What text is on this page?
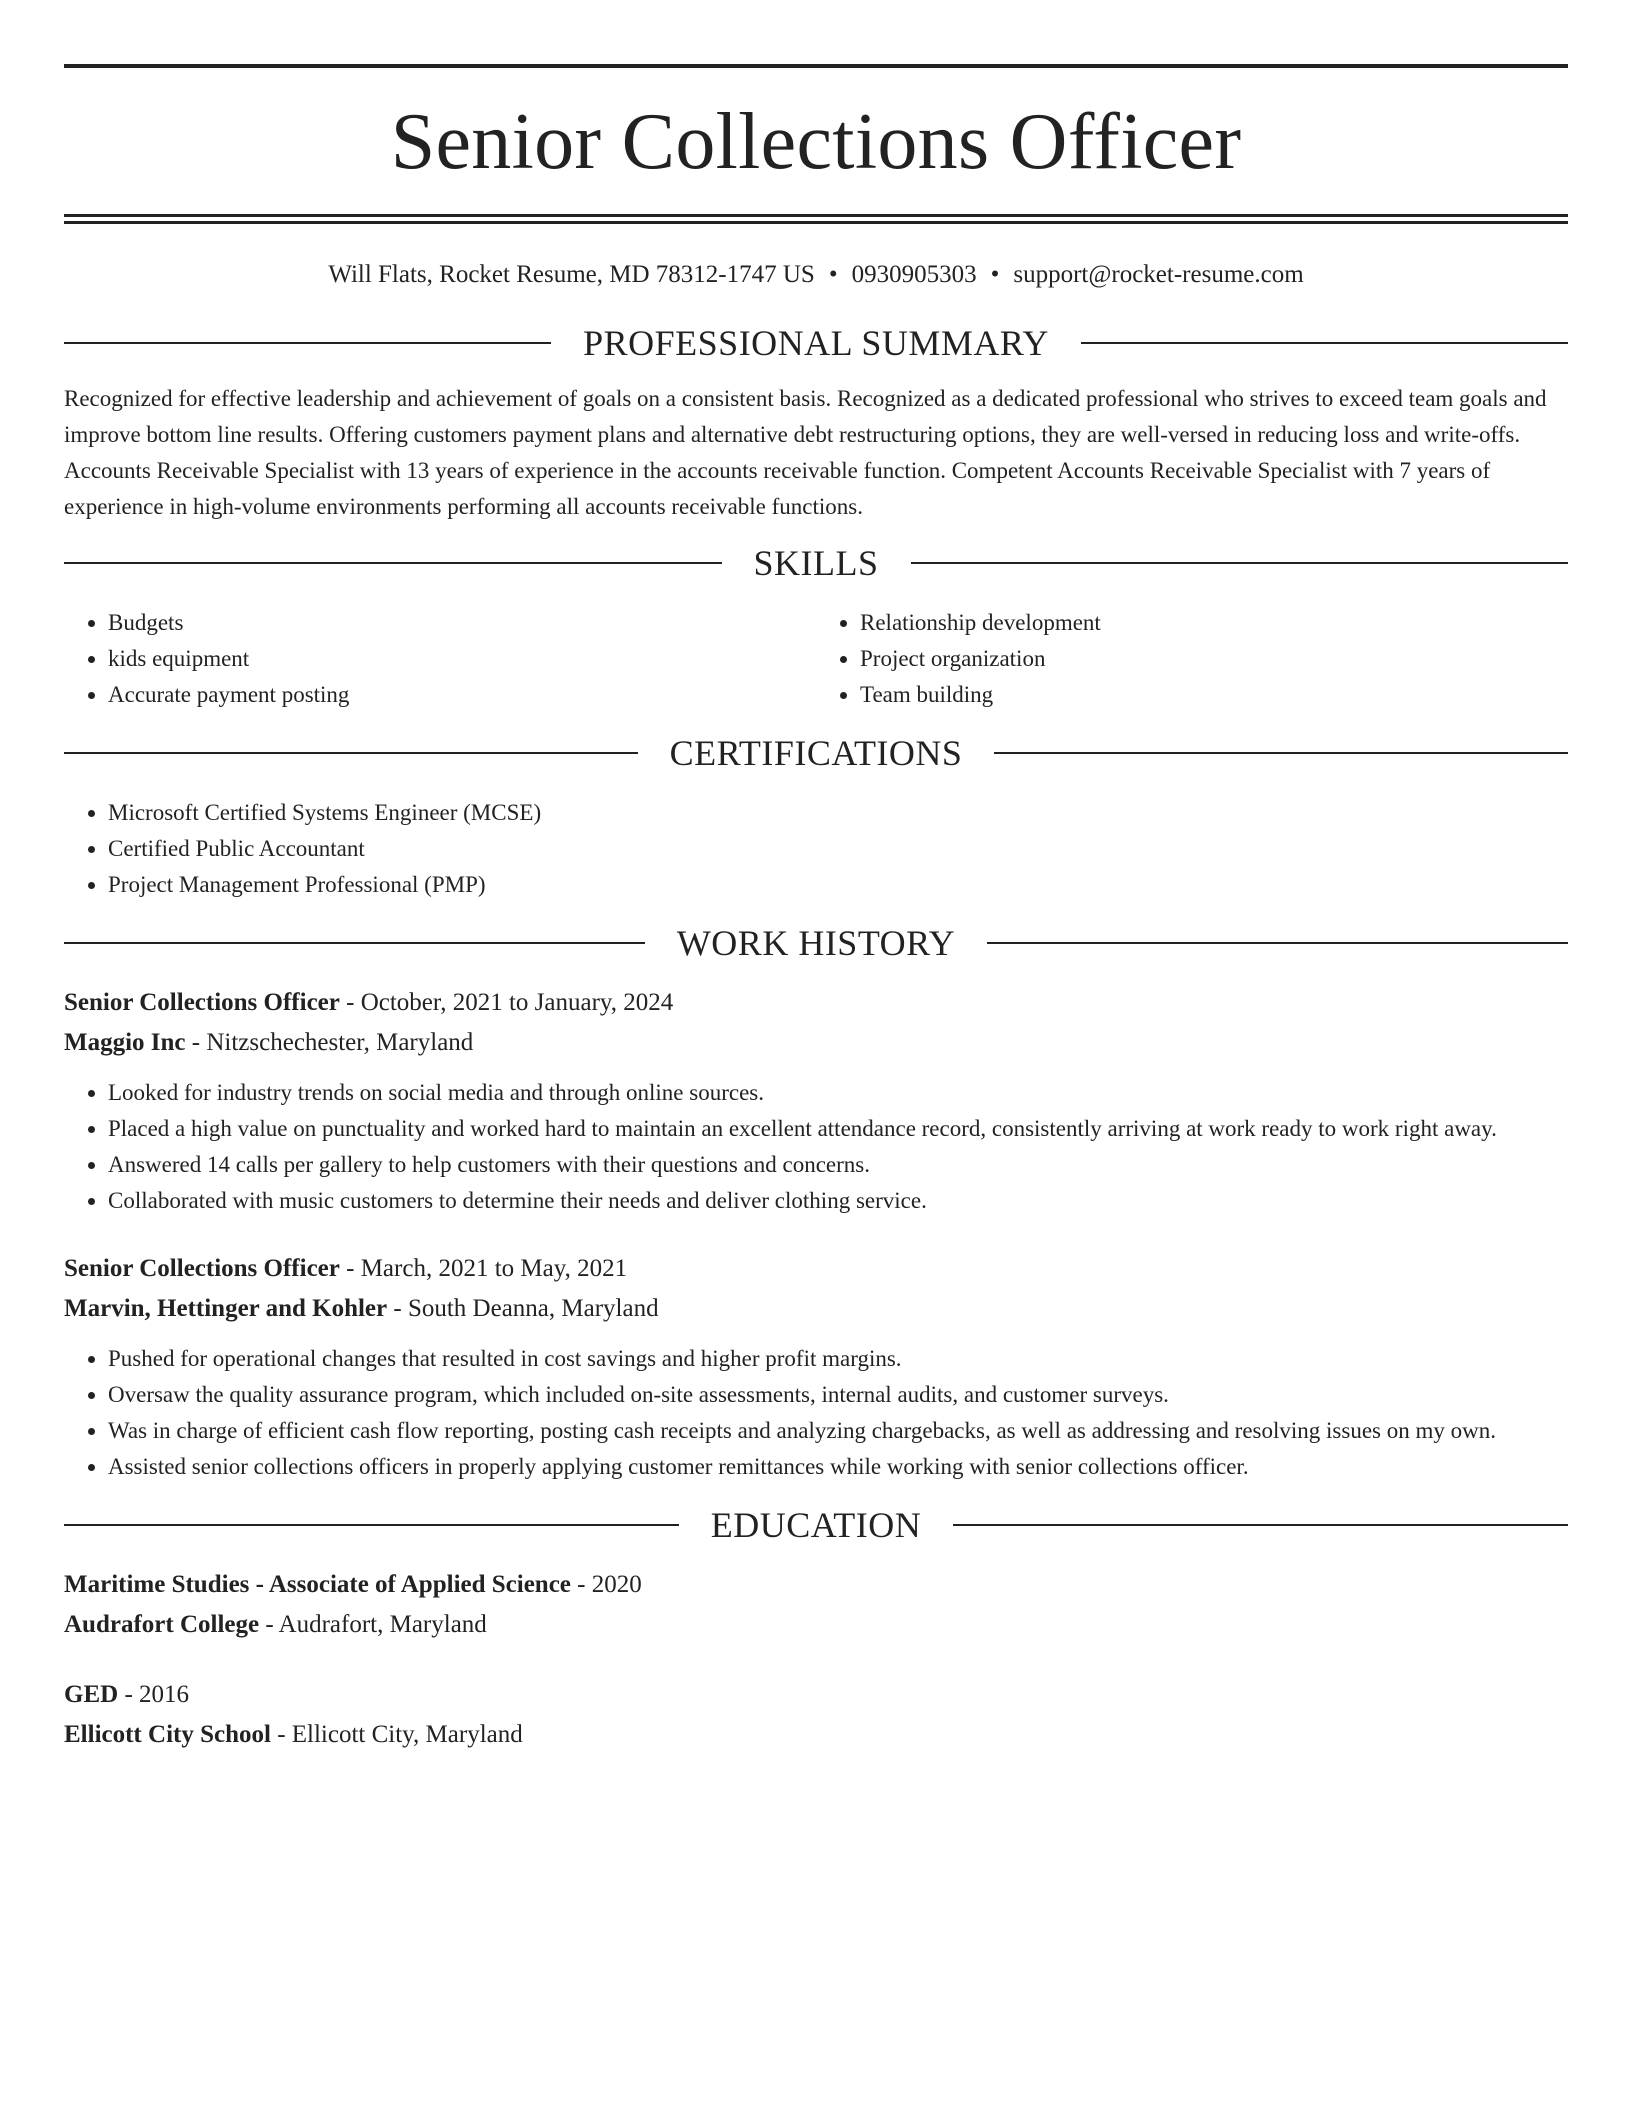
Senior Collections Officer
Will Flats, Rocket Resume, MD 78312-1747 US • 0930905303 • support@rocket-resume.com
PROFESSIONAL SUMMARY

Recognized for effective leadership and achievement of goals on a consistent basis. Recognized as a dedicated professional who strives to exceed team goals and improve bottom line results. Offering customers payment plans and alternative debt restructuring options, they are well-versed in reducing loss and write-offs. Accounts Receivable Specialist with 13 years of experience in the accounts receivable function. Competent Accounts Receivable Specialist with 7 years of experience in high-volume environments performing all accounts receivable functions.

SKILLS
• Budgets
• kids equipment
• Accurate payment posting
• Relationship development
• Project organization
• Team building
CERTIFICATIONS
• Microsoft Certified Systems Engineer (MCSE)
• Certified Public Accountant
• Project Management Professional (PMP)
WORK HISTORY
Senior Collections Officer - October, 2021 to January, 2024
Maggio Inc - Nitzschechester, Maryland
• Looked for industry trends on social media and through online sources.
• Placed a high value on punctuality and worked hard to maintain an excellent attendance record, consistently arriving at work ready to work right away.
• Answered 14 calls per gallery to help customers with their questions and concerns.
• Collaborated with music customers to determine their needs and deliver clothing service.
Senior Collections Officer - March, 2021 to May, 2021
Marvin, Hettinger and Kohler - South Deanna, Maryland
• Pushed for operational changes that resulted in cost savings and higher profit margins.
• Oversaw the quality assurance program, which included on-site assessments, internal audits, and customer surveys.
• Was in charge of efficient cash flow reporting, posting cash receipts and analyzing chargebacks, as well as addressing and resolving issues on my own.
• Assisted senior collections officers in properly applying customer remittances while working with senior collections officer.
EDUCATION
Maritime Studies - Associate of Applied Science - 2020
Audrafort College - Audrafort, Maryland
GED - 2016
Ellicott City School - Ellicott City, Maryland
